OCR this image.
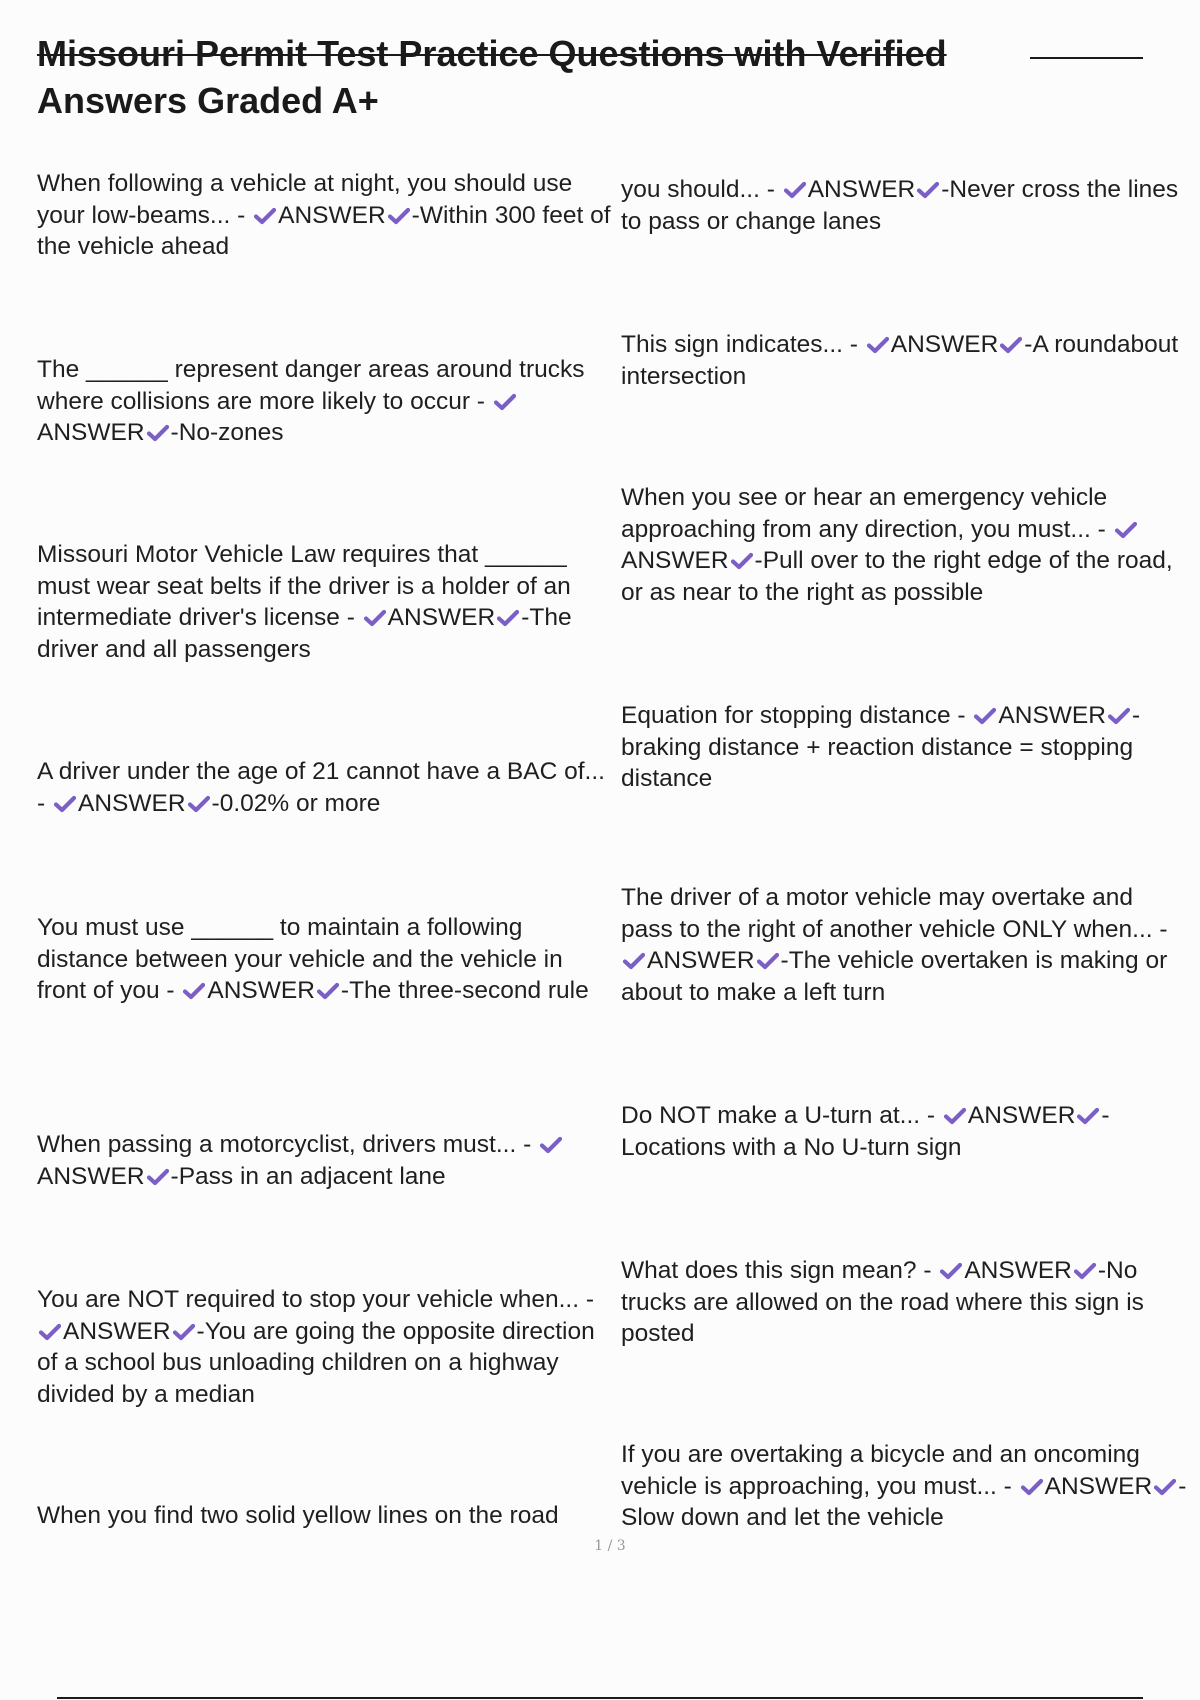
Missouri Permit Test Practice Questions with Verified
Answers Graded A+

When following a vehicle at night, you should use your low-beams... - ANSWER -Within 300 feet of the vehicle ahead

The ______ represent danger areas around trucks where collisions are more likely to occur -
ANSWER -No-zones

Missouri Motor Vehicle Law requires that ______ must wear seat belts if the driver is a holder of an intermediate driver's license - ANSWER -The driver and all passengers

A driver under the age of 21 cannot have a BAC of... - ANSWER -0.02% or more

You must use ______ to maintain a following distance between your vehicle and the vehicle in front of you - ANSWER -The three-second rule

When passing a motorcyclist, drivers must... -
ANSWER -Pass in an adjacent lane

You are NOT required to stop your vehicle when... -
ANSWER -You are going the opposite direction of a school bus unloading children on a highway divided by a median

When you find two solid yellow lines on the road

you should... - ANSWER -Never cross the lines to pass or change lanes

This sign indicates... - ANSWER -A roundabout intersection

When you see or hear an emergency vehicle approaching from any direction, you must... -
ANSWER -Pull over to the right edge of the road, or as near to the right as possible

Equation for stopping distance - ANSWER -braking distance + reaction distance = stopping distance

The driver of a motor vehicle may overtake and pass to the right of another vehicle ONLY when... -
ANSWER -The vehicle overtaken is making or about to make a left turn

Do NOT make a U-turn at... - ANSWER -Locations with a No U-turn sign

What does this sign mean? - ANSWER -No trucks are allowed on the road where this sign is posted

If you are overtaking a bicycle and an oncoming vehicle is approaching, you must... - ANSWER -Slow down and let the vehicle

1 / 3
